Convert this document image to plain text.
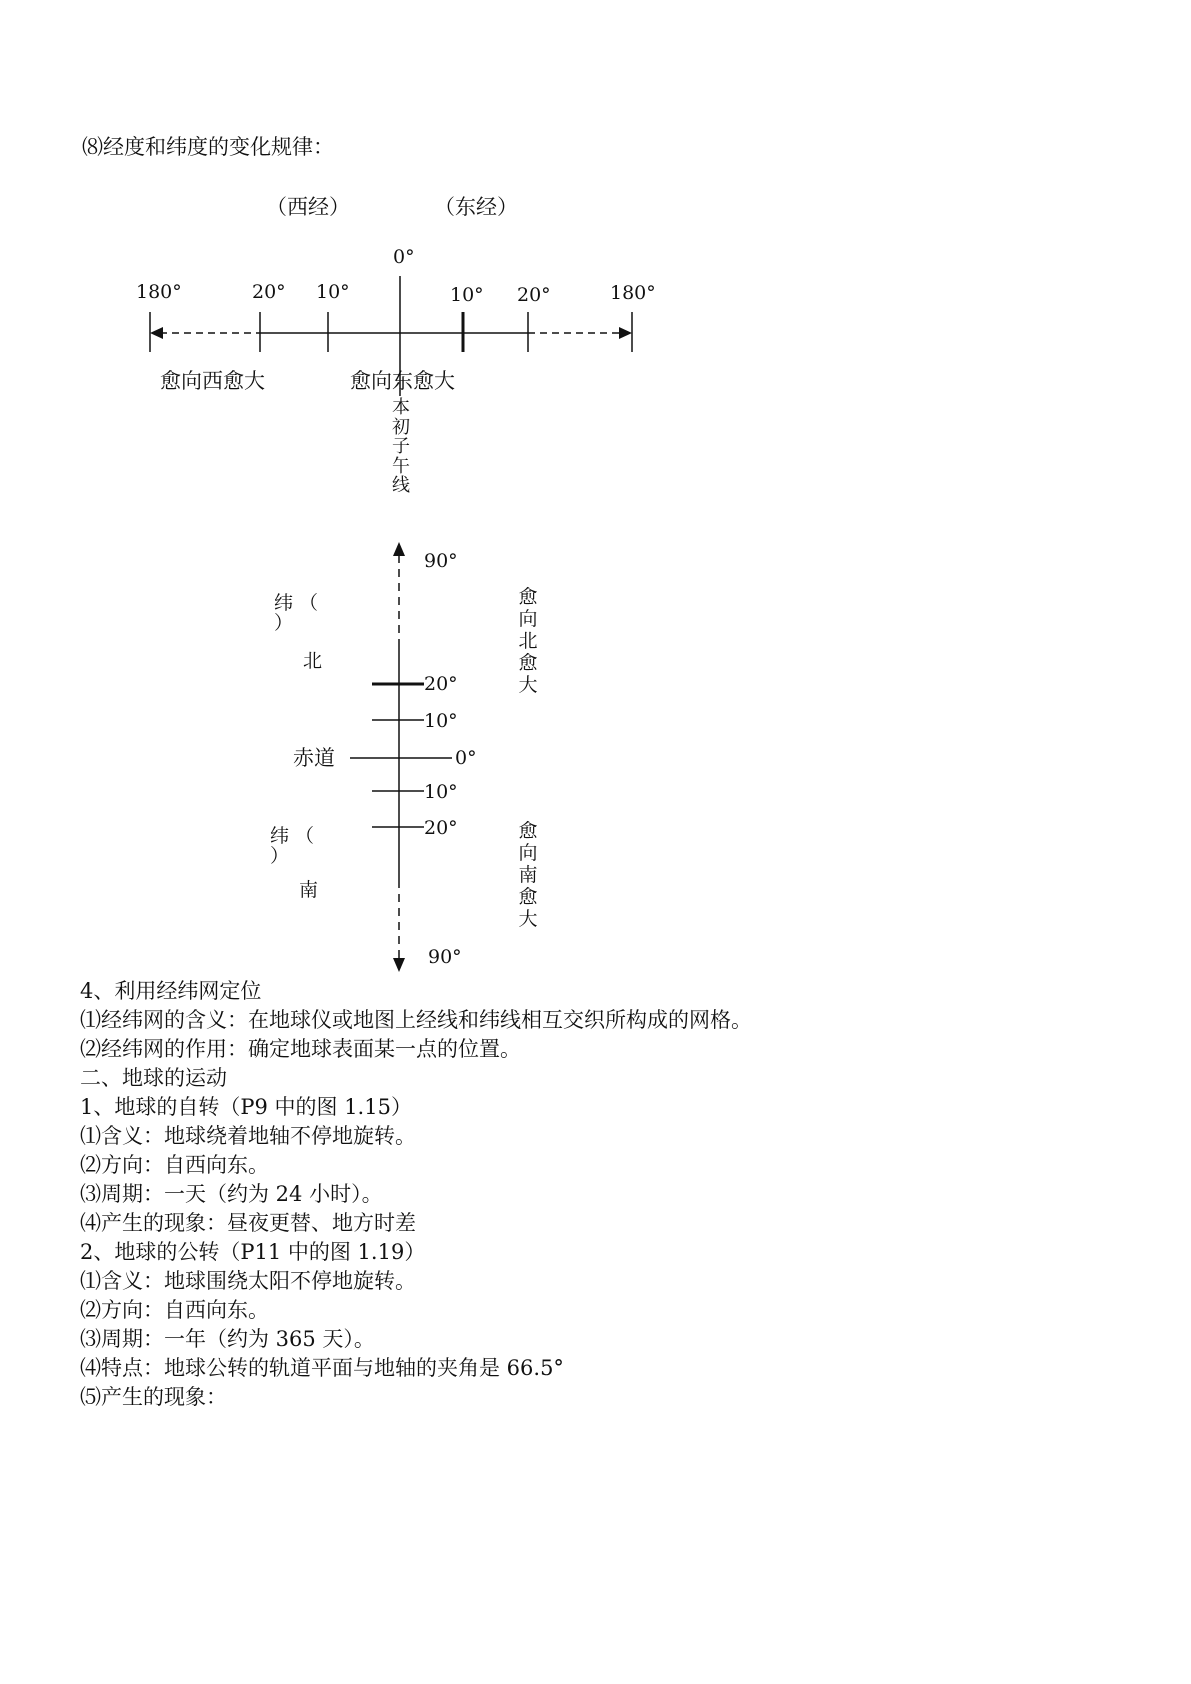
⑻经度和纬度的变化规律：
（西经）	（东经）
0°
180°	20° 10°	10° 20°	180°
愈向西愈大	愈向东愈大
本初子午线
90°
20°
10°
0°
10°
20°
90°
纬 （
）
北
赤道
纬 （
）
南
愈向北愈大
愈向南愈大
4、利用经纬网定位
⑴经纬网的含义：在地球仪或地图上经线和纬线相互交织所构成的网格。
⑵经纬网的作用：确定地球表面某一点的位置。
二、地球的运动
1、地球的自转（P9 中的图 1.15）
⑴含义：地球绕着地轴不停地旋转。
⑵方向：自西向东。
⑶周期：一天（约为 24 小时）。
⑷产生的现象：昼夜更替、地方时差
2、地球的公转（P11 中的图 1.19）
⑴含义：地球围绕太阳不停地旋转。
⑵方向：自西向东。
⑶周期：一年（约为 365 天）。
⑷特点：地球公转的轨道平面与地轴的夹角是 66.5°
⑸产生的现象：
